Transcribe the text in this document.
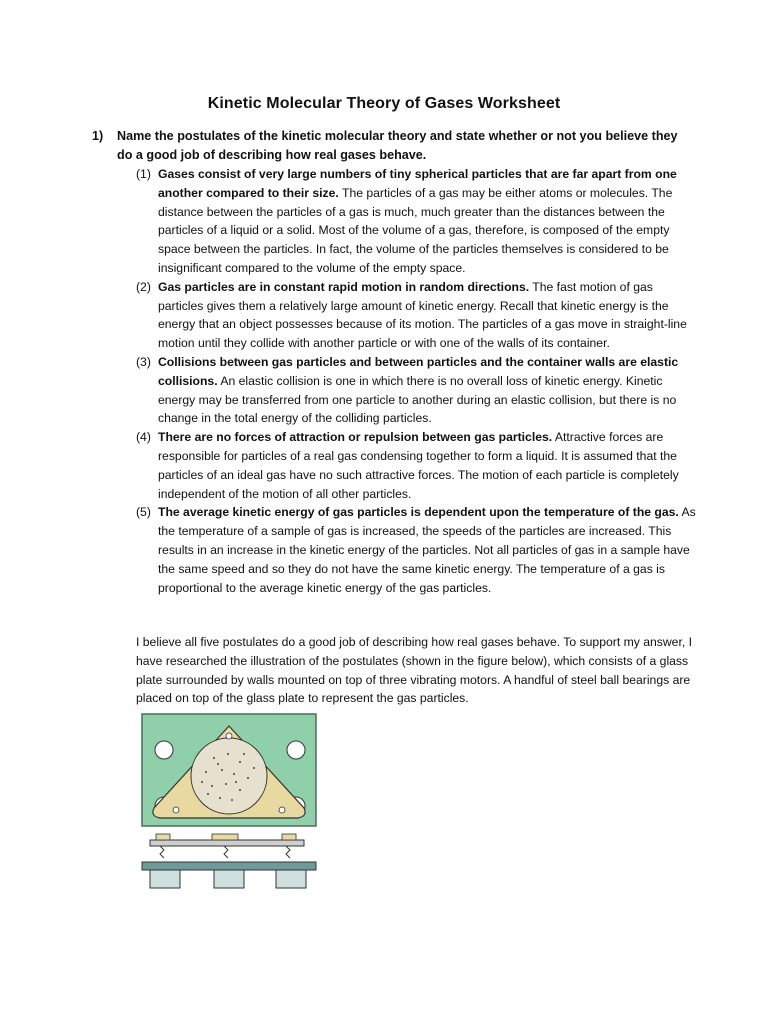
Kinetic Molecular Theory of Gases Worksheet
1) Name the postulates of the kinetic molecular theory and state whether or not you believe they do a good job of describing how real gases behave.
(1) Gases consist of very large numbers of tiny spherical particles that are far apart from one another compared to their size. The particles of a gas may be either atoms or molecules. The distance between the particles of a gas is much, much greater than the distances between the particles of a liquid or a solid. Most of the volume of a gas, therefore, is composed of the empty space between the particles. In fact, the volume of the particles themselves is considered to be insignificant compared to the volume of the empty space.
(2) Gas particles are in constant rapid motion in random directions. The fast motion of gas particles gives them a relatively large amount of kinetic energy. Recall that kinetic energy is the energy that an object possesses because of its motion. The particles of a gas move in straight-line motion until they collide with another particle or with one of the walls of its container.
(3) Collisions between gas particles and between particles and the container walls are elastic collisions. An elastic collision is one in which there is no overall loss of kinetic energy. Kinetic energy may be transferred from one particle to another during an elastic collision, but there is no change in the total energy of the colliding particles.
(4) There are no forces of attraction or repulsion between gas particles. Attractive forces are responsible for particles of a real gas condensing together to form a liquid. It is assumed that the particles of an ideal gas have no such attractive forces. The motion of each particle is completely independent of the motion of all other particles.
(5) The average kinetic energy of gas particles is dependent upon the temperature of the gas. As the temperature of a sample of gas is increased, the speeds of the particles are increased. This results in an increase in the kinetic energy of the particles. Not all particles of gas in a sample have the same speed and so they do not have the same kinetic energy. The temperature of a gas is proportional to the average kinetic energy of the gas particles.
I believe all five postulates do a good job of describing how real gases behave. To support my answer, I have researched the illustration of the postulates (shown in the figure below), which consists of a glass plate surrounded by walls mounted on top of three vibrating motors. A handful of steel ball bearings are placed on top of the glass plate to represent the gas particles.
